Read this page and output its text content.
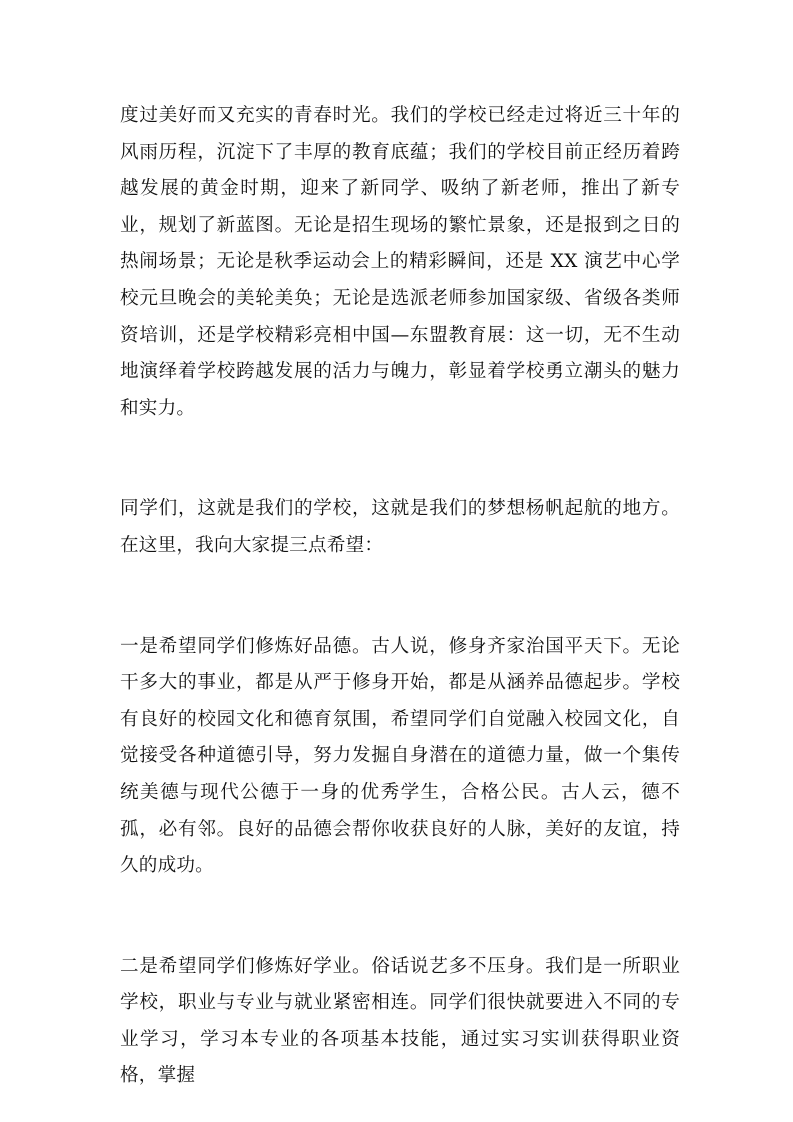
度过美好而又充实的青春时光。我们的学校已经走过将近三十年的风雨历程，沉淀下了丰厚的教育底蕴；我们的学校目前正经历着跨越发展的黄金时期，迎来了新同学、吸纳了新老师，推出了新专业，规划了新蓝图。无论是招生现场的繁忙景象，还是报到之日的热闹场景；无论是秋季运动会上的精彩瞬间，还是 XX 演艺中心学校元旦晚会的美轮美奂；无论是选派老师参加国家级、省级各类师资培训，还是学校精彩亮相中国—东盟教育展：这一切，无不生动地演绎着学校跨越发展的活力与魄力，彰显着学校勇立潮头的魅力和实力。

同学们，这就是我们的学校，这就是我们的梦想杨帆起航的地方。在这里，我向大家提三点希望：

一是希望同学们修炼好品德。古人说，修身齐家治国平天下。无论干多大的事业，都是从严于修身开始，都是从涵养品德起步。学校有良好的校园文化和德育氛围，希望同学们自觉融入校园文化，自觉接受各种道德引导，努力发掘自身潜在的道德力量，做一个集传统美德与现代公德于一身的优秀学生，合格公民。古人云，德不孤，必有邻。良好的品德会帮你收获良好的人脉，美好的友谊，持久的成功。

二是希望同学们修炼好学业。俗话说艺多不压身。我们是一所职业学校，职业与专业与就业紧密相连。同学们很快就要进入不同的专业学习，学习本专业的各项基本技能，通过实习实训获得职业资格，掌握
